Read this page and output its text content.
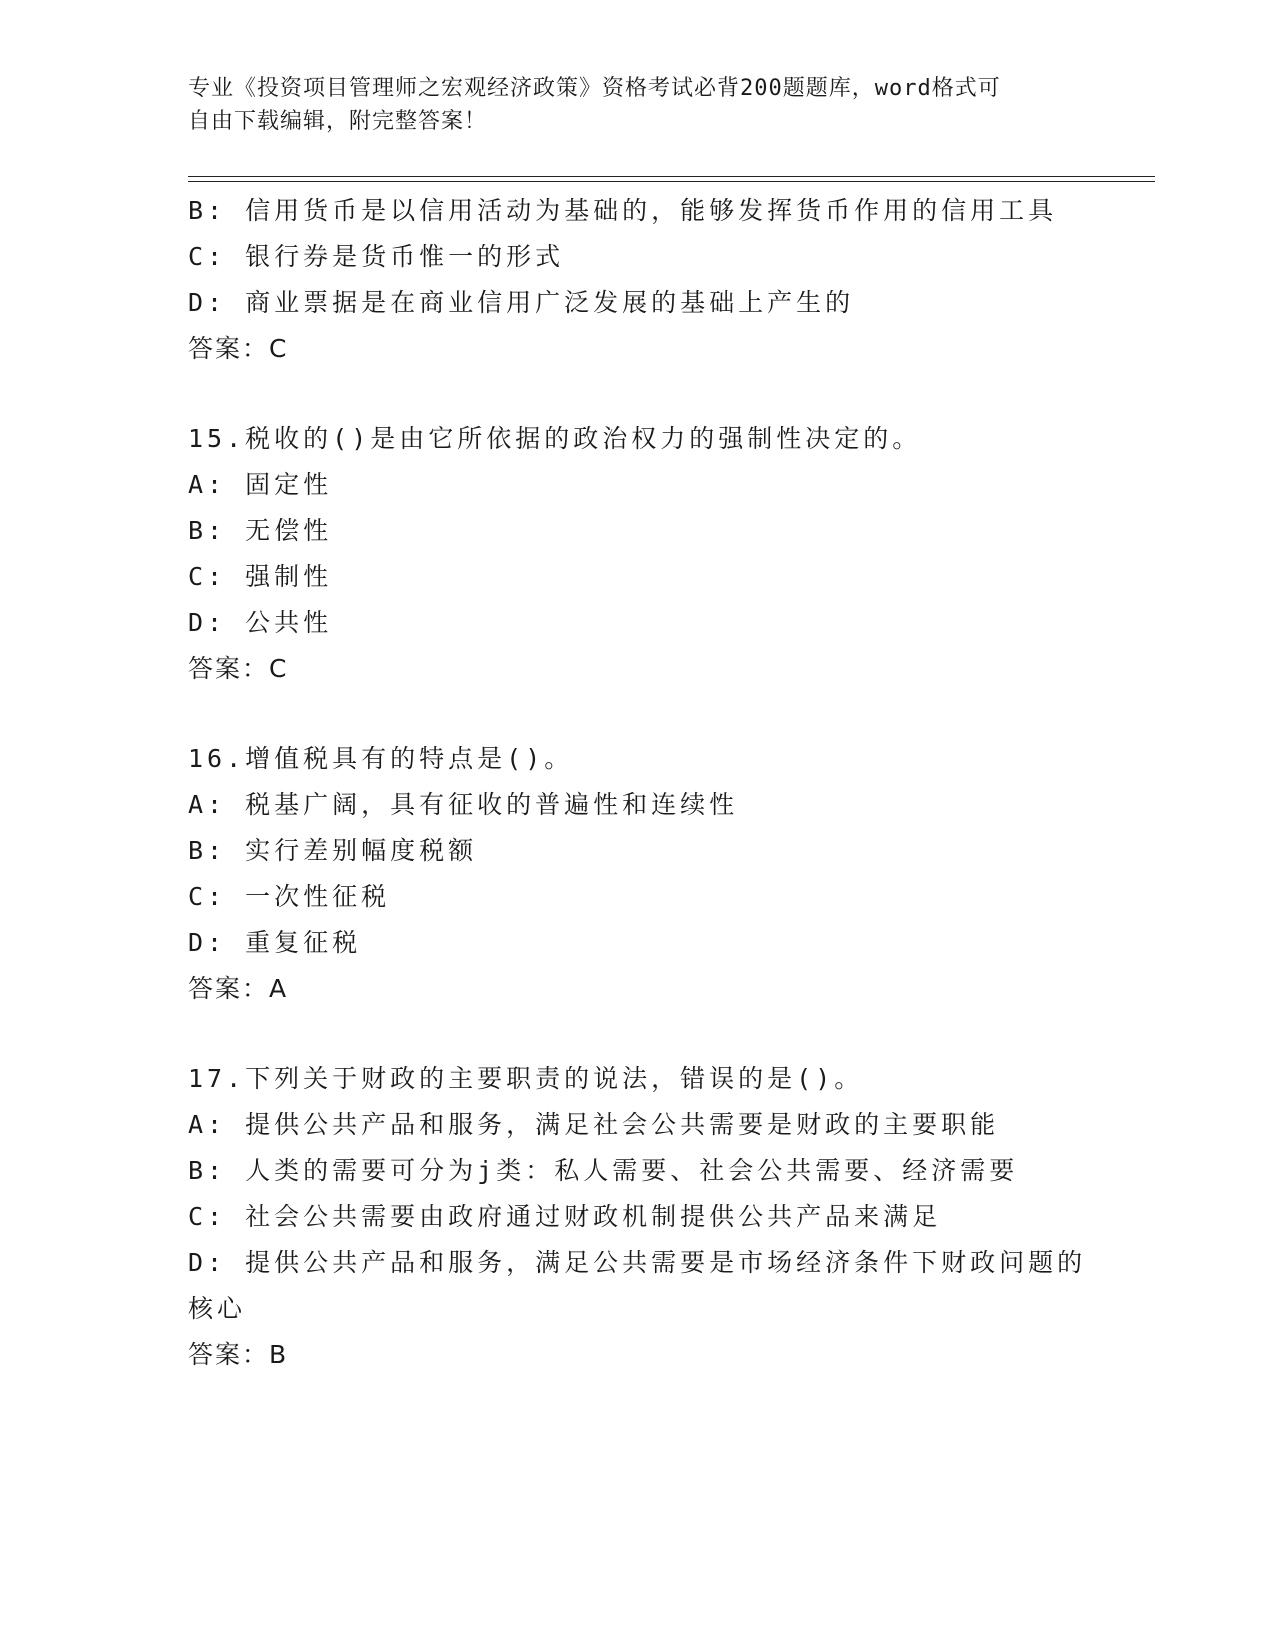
专业《投资项目管理师之宏观经济政策》资格考试必背200题题库，word格式可
自由下载编辑，附完整答案！
B: 信用货币是以信用活动为基础的，能够发挥货币作用的信用工具
C: 银行券是货币惟一的形式
D: 商业票据是在商业信用广泛发展的基础上产生的
答案：C
15.税收的()是由它所依据的政治权力的强制性决定的。
A: 固定性
B: 无偿性
C: 强制性
D: 公共性
答案：C
16.增值税具有的特点是()。
A: 税基广阔，具有征收的普遍性和连续性
B: 实行差别幅度税额
C: 一次性征税
D: 重复征税
答案：A
17.下列关于财政的主要职责的说法，错误的是()。
A: 提供公共产品和服务，满足社会公共需要是财政的主要职能
B: 人类的需要可分为j类：私人需要、社会公共需要、经济需要
C: 社会公共需要由政府通过财政机制提供公共产品来满足
D: 提供公共产品和服务，满足公共需要是市场经济条件下财政问题的核心
答案：B
